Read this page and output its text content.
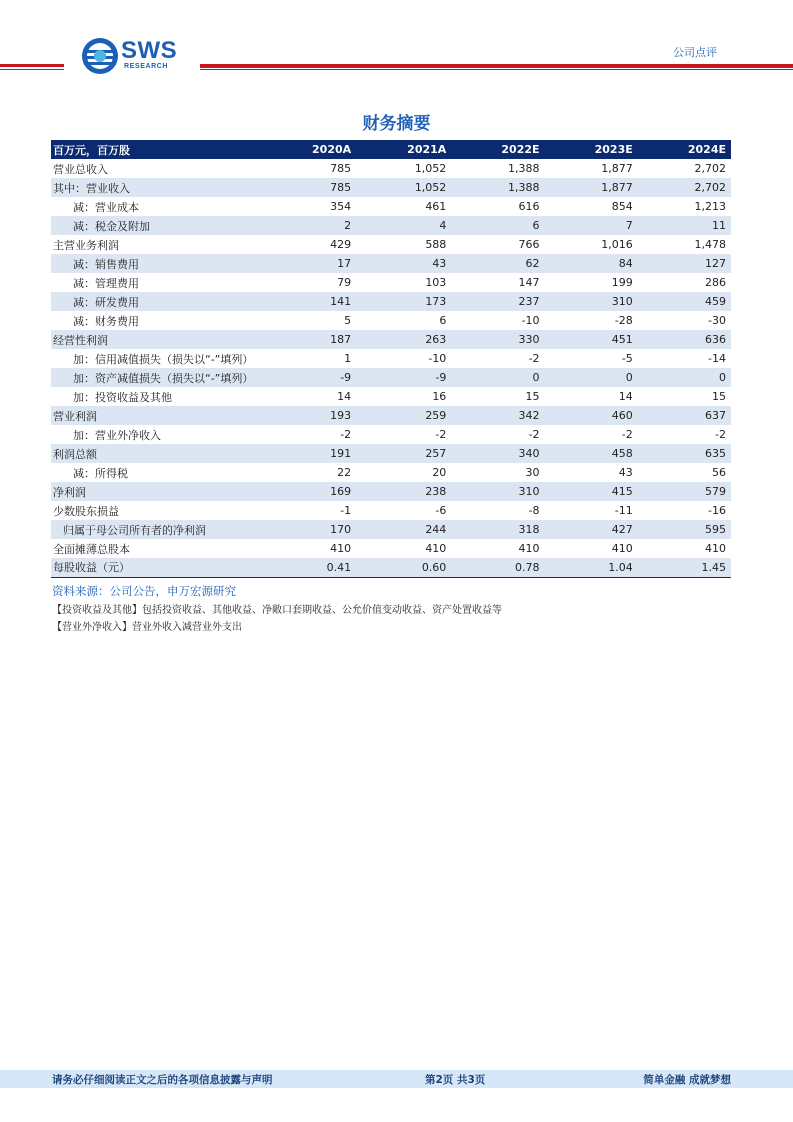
SWS
RESEARCH
公司点评
财务摘要
百万元，百万股	2020A	2021A	2022E	2023E	2024E
营业总收入	785	1,052	1,388	1,877	2,702
其中：营业收入	785	1,052	1,388	1,877	2,702
减：营业成本	354	461	616	854	1,213
减：税金及附加	2	4	6	7	11
主营业务利润	429	588	766	1,016	1,478
减：销售费用	17	43	62	84	127
减：管理费用	79	103	147	199	286
减：研发费用	141	173	237	310	459
减：财务费用	5	6	-10	-28	-30
经营性利润	187	263	330	451	636
加：信用减值损失（损失以“-”填列）	1	-10	-2	-5	-14
加：资产减值损失（损失以“-”填列）	-9	-9	0	0	0
加：投资收益及其他	14	16	15	14	15
营业利润	193	259	342	460	637
加：营业外净收入	-2	-2	-2	-2	-2
利润总额	191	257	340	458	635
减：所得税	22	20	30	43	56
净利润	169	238	310	415	579
少数股东损益	-1	-6	-8	-11	-16
归属于母公司所有者的净利润	170	244	318	427	595
全面摊薄总股本	410	410	410	410	410
每股收益（元）	0.41	0.60	0.78	1.04	1.45
资料来源：公司公告，申万宏源研究
【投资收益及其他】包括投资收益、其他收益、净敞口套期收益、公允价值变动收益、资产处置收益等
【营业外净收入】营业外收入减营业外支出
请务必仔细阅读正文之后的各项信息披露与声明	第2页 共3页	简单金融 成就梦想
